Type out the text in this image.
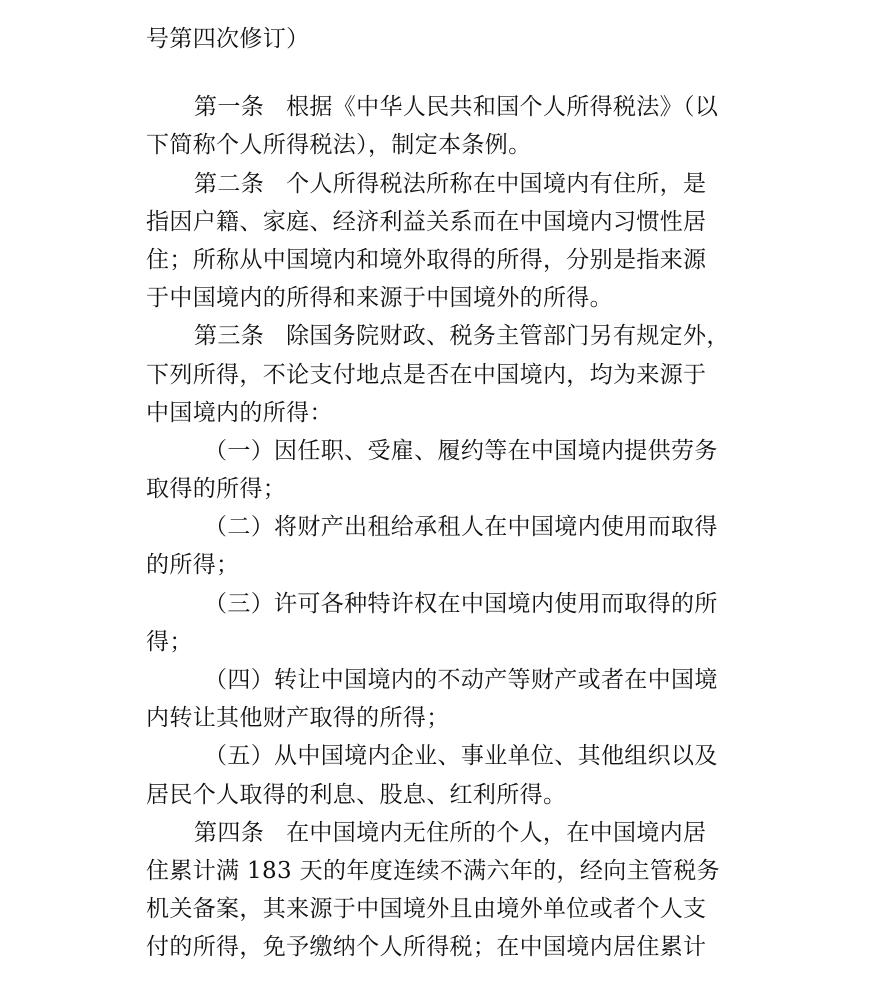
号第四次修订）
第一条 根据《中华人民共和国个人所得税法》（以
下简称个人所得税法），制定本条例。
第二条 个人所得税法所称在中国境内有住所，是
指因户籍、家庭、经济利益关系而在中国境内习惯性居
住；所称从中国境内和境外取得的所得，分别是指来源
于中国境内的所得和来源于中国境外的所得。
第三条 除国务院财政、税务主管部门另有规定外，
下列所得，不论支付地点是否在中国境内，均为来源于
中国境内的所得：
（一）因任职、受雇、履约等在中国境内提供劳务
取得的所得；
（二）将财产出租给承租人在中国境内使用而取得
的所得；
（三）许可各种特许权在中国境内使用而取得的所
得；
（四）转让中国境内的不动产等财产或者在中国境
内转让其他财产取得的所得；
（五）从中国境内企业、事业单位、其他组织以及
居民个人取得的利息、股息、红利所得。
第四条 在中国境内无住所的个人，在中国境内居
住累计满 183 天的年度连续不满六年的，经向主管税务
机关备案，其来源于中国境外且由境外单位或者个人支
付的所得，免予缴纳个人所得税；在中国境内居住累计
